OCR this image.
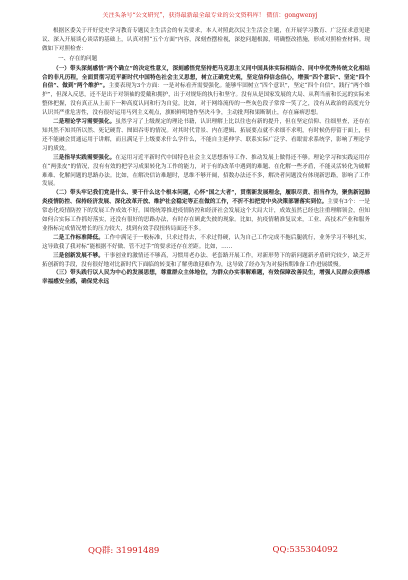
关注头条号“公文研究”，获得最新最全最专业的公文资料库！ 微信：gongwenyj

根据区委关于开好党史学习教育专题民主生活会的有关要求，本人对照此次民主生活会主题，在开展学习教育、广泛征求意见建议、深入开展谈心谈话的基础上，认真对照“五个方面”内容，深刻查摆检视，深挖问题根源，明确整改措施，形成对照检查材料。现做如下对照检查：

一、存在的问题

（一）带头深刻感悟“两个确立”的决定性意义，深刻感悟党坚持把马克思主义同中国具体实际相结合、同中华优秀传统文化相结合的非凡历程，全面贯彻习近平新时代中国特色社会主义思想，树立正确党史观，坚定信仰信念信心，增强“四个意识”、坚定“四个自信”、做到“两个维护”。主要表现为3个方面：一是对标看齐需要强化。能够牢固树立“四个意识”，坚定“四个自信”，践行“两个维护”，但深入反思，还不是出于对领袖的爱戴和拥护，出于对规矩的执行和坚守。没有从是国家发展的大局、从利当前和长远的实际来整体把握，没有真正从上而下一种高度认同和行为自觉。比如，对于网络流传的一些灰色段子常常一笑了之，没有从政治的高度充分认识其严重危害性，没有很好运用马列主义观点，旗帜鲜明地作坚决斗争，主动批判和果断制止，存在麻痹思想。

二是理论学习需要强化。虽然学习了上级规定的理论书籍，认识理解上比以往也有新的提升，但在坚定信仰、往细里查，还存在知其然不知其所以然、死记硬背、囫囵吞枣的情况。对其时代背景、内在逻辑、拓展要点就不求细不求明，有时候仍停留于面上，但还不能融会贯通运用于讲解，而且满足于上级要求什么学什么，不能自主延伸学、联系实际广泛学、看眼需求系统学，影响了理论学习的质效。

三是指导实践需要强化。在运用习近平新时代中国特色社会主义思想指导工作、推动发展上做得还不够。理论学习和实践运用存在“两张皮”的情况，没有有效的把学习成果转化为工作的能力，对于有的改革中遇到的难题、在化解一些矛盾，不能灵活转化为破解难难、化解问题的思路办法。比如，在解决信访难题时，思维不够开阔，招数办法还不多，解决者问题没有体现新思路，影响了工作发展。

（二）带头牢记我们党是什么、要干什么这个根本问题，心怀“国之大者”，贯彻新发展理念，履职尽责、担当作为，聚焦新冠肺炎疫情防控、保持经济发展、深化改革开放、维护社会稳定等正在做的工作，不折不扣把党中央决策部署落实到位。主要有3个：一是常态化疫情防控下的发展工作成效不好。围绕统筹推进疫情防控和经济社会发展这个大局大计，成效虽然已经也注重理解领会，但知如何合实际工作抓好落实，还没有很好的思路办法，有时存在顾此失彼的现象。比如，抗疫情精准复议来，工业、高技术产业和服务业指标完成情况增长的压力较大，找到有效手段扭转局面还不多。

二是工作标准降低。工作中满足于一般标准，只求过得去，不求过得硬，认为自己工作完成不拖后腿就行，业务学习不够扎实，这导致我了我对标“能根据不好做、管不过手”的要求还存在差距。比如，……

三是创新发展不够。干事创业的激情还不够高，习惯用老办法、老套路开展工作，对新形势下的新问题新矛盾研究较少，缺乏开拓创新的手段，没有很好地对比新时代下面临的转变和了解勇敢迎难作为，这导致了经办为为对接指期准备工作进展缓慢。

（三）带头践行以人民为中心的发展思想，尊重群众主体地位，为群众办实事解难题，有效保障改善民生，增强人民群众获得感幸福感安全感，确保党永远

QQ群: 31991489	QQ:535304092
